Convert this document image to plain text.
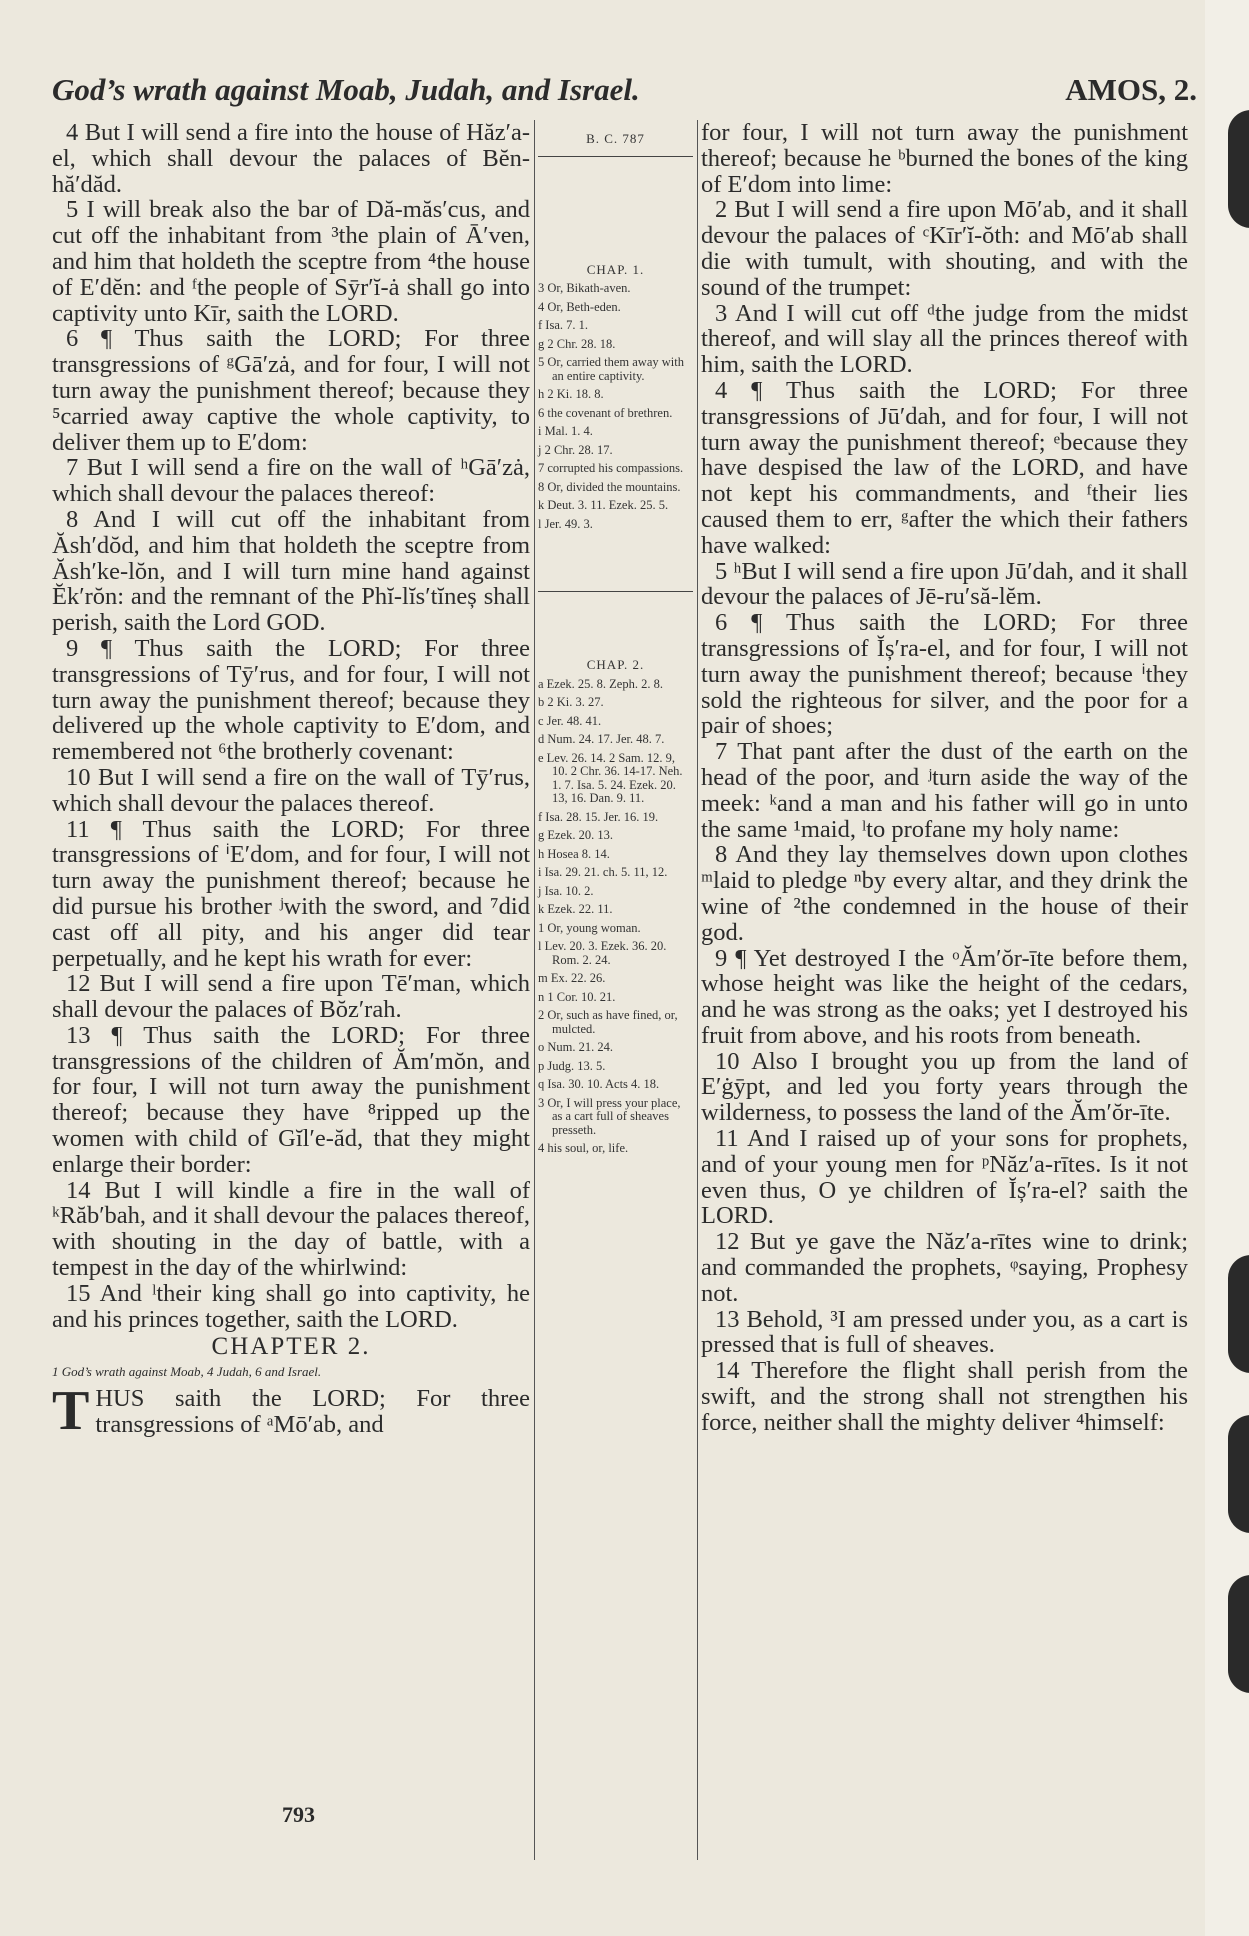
God’s wrath against Moab, Judah, and Israel.	AMOS, 2.

4 But I will send a fire into the house of Hăz′a-el, which shall devour the palaces of Bĕn-hă′dăd.

5 I will break also the bar of Dă-măs′cus, and cut off the inhabitant from ³the plain of Ā′ven, and him that holdeth the sceptre from ⁴the house of E′dĕn: and ᶠthe people of Sȳr′ĭ-ȧ shall go into captivity unto Kīr, saith the LORD.

6 ¶ Thus saith the LORD; For three transgressions of ᵍGā′zȧ, and for four, I will not turn away the punishment thereof; because they ⁵carried away captive the whole captivity, to deliver them up to E′dom:

7 But I will send a fire on the wall of ʰGā′zȧ, which shall devour the palaces thereof:

8 And I will cut off the inhabitant from Ăsh′dŏd, and him that holdeth the sceptre from Ăsh′ke-lŏn, and I will turn mine hand against Ĕk′rŏn: and the remnant of the Phĭ-lĭs′tĭneș shall perish, saith the Lord GOD.

9 ¶ Thus saith the LORD; For three transgressions of Tȳ′rus, and for four, I will not turn away the punishment thereof; because they delivered up the whole captivity to E′dom, and remembered not ⁶the brotherly covenant:

10 But I will send a fire on the wall of Tȳ′rus, which shall devour the palaces thereof.

11 ¶ Thus saith the LORD; For three transgressions of ⁱE′dom, and for four, I will not turn away the punishment thereof; because he did pursue his brother ʲwith the sword, and ⁷did cast off all pity, and his anger did tear perpetually, and he kept his wrath for ever:

12 But I will send a fire upon Tē′man, which shall devour the palaces of Bŏz′rah.

13 ¶ Thus saith the LORD; For three transgressions of the children of Ăm′mŏn, and for four, I will not turn away the punishment thereof; because they have ⁸ripped up the women with child of Gĭl′e-ăd, that they might enlarge their border:

14 But I will kindle a fire in the wall of ᵏRăb′bah, and it shall devour the palaces thereof, with shouting in the day of battle, with a tempest in the day of the whirlwind:

15 And ˡtheir king shall go into captivity, he and his princes together, saith the LORD.

CHAPTER 2.
1 God’s wrath against Moab, 4 Judah, 6 and Israel.
T HUS saith the LORD; For three transgressions of ᵃMō′ab, and
B. C. 787
CHAP. 1.
3 Or, Bikath-aven.
4 Or, Beth-eden.
f Isa. 7. 1.
g 2 Chr. 28. 18.
5 Or, carried them away with an entire captivity.
h 2 Ki. 18. 8.
6 the covenant of brethren.
i Mal. 1. 4.
j 2 Chr. 28. 17.
7 corrupted his compassions.
8 Or, divided the mountains.
k Deut. 3. 11. Ezek. 25. 5.
l Jer. 49. 3.
CHAP. 2.
a Ezek. 25. 8. Zeph. 2. 8.
b 2 Ki. 3. 27.
c Jer. 48. 41.
d Num. 24. 17. Jer. 48. 7.
e Lev. 26. 14. 2 Sam. 12. 9, 10. 2 Chr. 36. 14-17. Neh. 1. 7. Isa. 5. 24. Ezek. 20. 13, 16. Dan. 9. 11.
f Isa. 28. 15. Jer. 16. 19.
g Ezek. 20. 13.
h Hosea 8. 14.
i Isa. 29. 21. ch. 5. 11, 12.
j Isa. 10. 2.
k Ezek. 22. 11.
1 Or, young woman.
l Lev. 20. 3. Ezek. 36. 20. Rom. 2. 24.
m Ex. 22. 26.
n 1 Cor. 10. 21.
2 Or, such as have fined, or, mulcted.
o Num. 21. 24.
p Judg. 13. 5.
q Isa. 30. 10. Acts 4. 18.
3 Or, I will press your place, as a cart full of sheaves presseth.
4 his soul, or, life.

for four, I will not turn away the punishment thereof; because he ᵇburned the bones of the king of E′dom into lime:

2 But I will send a fire upon Mō′ab, and it shall devour the palaces of ᶜKīr′ĭ-ŏth: and Mō′ab shall die with tumult, with shouting, and with the sound of the trumpet:

3 And I will cut off ᵈthe judge from the midst thereof, and will slay all the princes thereof with him, saith the LORD.

4 ¶ Thus saith the LORD; For three transgressions of Jū′dah, and for four, I will not turn away the punishment thereof; ᵉbecause they have despised the law of the LORD, and have not kept his commandments, and ᶠtheir lies caused them to err, ᵍafter the which their fathers have walked:

5 ʰBut I will send a fire upon Jū′dah, and it shall devour the palaces of Jē-ru′să-lĕm.

6 ¶ Thus saith the LORD; For three transgressions of Ĭș′ra-el, and for four, I will not turn away the punishment thereof; because ⁱthey sold the righteous for silver, and the poor for a pair of shoes;

7 That pant after the dust of the earth on the head of the poor, and ʲturn aside the way of the meek: ᵏand a man and his father will go in unto the same ¹maid, ˡto profane my holy name:

8 And they lay themselves down upon clothes ᵐlaid to pledge ⁿby every altar, and they drink the wine of ²the condemned in the house of their god.

9 ¶ Yet destroyed I the ᵒĂm′ŏr-īte before them, whose height was like the height of the cedars, and he was strong as the oaks; yet I destroyed his fruit from above, and his roots from beneath.

10 Also I brought you up from the land of E′ġȳpt, and led you forty years through the wilderness, to possess the land of the Ăm′ŏr-īte.

11 And I raised up of your sons for prophets, and of your young men for ᵖNăz′a-rītes. Is it not even thus, O ye children of Ĭș′ra-el? saith the LORD.

12 But ye gave the Năz′a-rītes wine to drink; and commanded the prophets, ᵠsaying, Prophesy not.

13 Behold, ³I am pressed under you, as a cart is pressed that is full of sheaves.

14 Therefore the flight shall perish from the swift, and the strong shall not strengthen his force, neither shall the mighty deliver ⁴himself:

793
